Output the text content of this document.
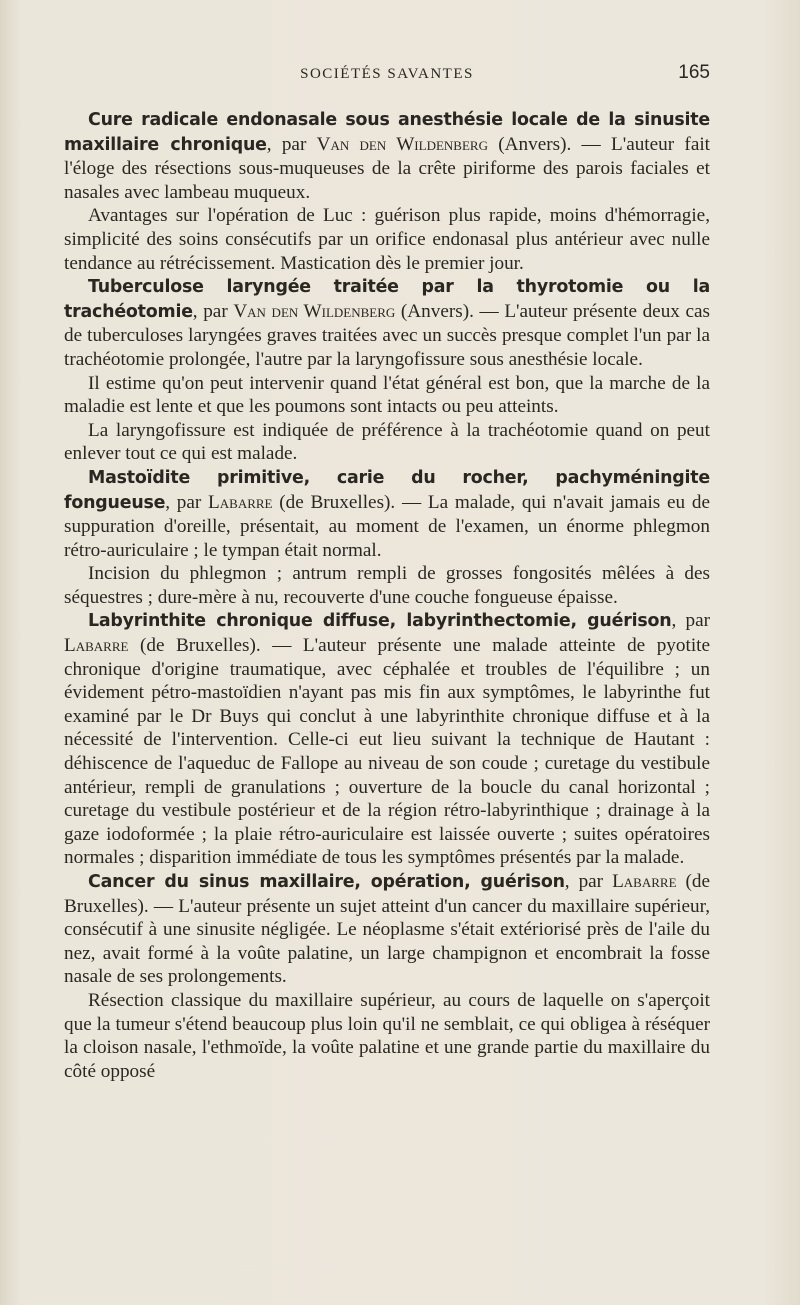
SOCIÉTÉS SAVANTES	165

Cure radicale endonasale sous anesthésie locale de la sinusite maxillaire chronique, par Van den Wildenberg (Anvers). — L'auteur fait l'éloge des résections sous-muqueuses de la crête piriforme des parois faciales et nasales avec lambeau muqueux.

Avantages sur l'opération de Luc : guérison plus rapide, moins d'hémorragie, simplicité des soins consécutifs par un orifice endonasal plus antérieur avec nulle tendance au rétrécissement. Mastication dès le premier jour.

Tuberculose laryngée traitée par la thyrotomie ou la trachéotomie, par Van den Wildenberg (Anvers). — L'auteur présente deux cas de tuberculoses laryngées graves traitées avec un succès presque complet l'un par la trachéotomie prolongée, l'autre par la laryngofissure sous anesthésie locale.

Il estime qu'on peut intervenir quand l'état général est bon, que la marche de la maladie est lente et que les poumons sont intacts ou peu atteints.

La laryngofissure est indiquée de préférence à la trachéotomie quand on peut enlever tout ce qui est malade.

Mastoïdite primitive, carie du rocher, pachyméningite fongueuse, par Labarre (de Bruxelles). — La malade, qui n'avait jamais eu de suppuration d'oreille, présentait, au moment de l'examen, un énorme phlegmon rétro-auriculaire ; le tympan était normal.

Incision du phlegmon ; antrum rempli de grosses fongosités mêlées à des séquestres ; dure-mère à nu, recouverte d'une couche fongueuse épaisse.

Labyrinthite chronique diffuse, labyrinthectomie, guérison, par Labarre (de Bruxelles). — L'auteur présente une malade atteinte de pyotite chronique d'origine traumatique, avec céphalée et troubles de l'équilibre ; un évidement pétro-mastoïdien n'ayant pas mis fin aux symptômes, le labyrinthe fut examiné par le Dr Buys qui conclut à une labyrinthite chronique diffuse et à la nécessité de l'intervention. Celle-ci eut lieu suivant la technique de Hautant : déhiscence de l'aqueduc de Fallope au niveau de son coude ; curetage du vestibule antérieur, rempli de granulations ; ouverture de la boucle du canal horizontal ; curetage du vestibule postérieur et de la région rétro-labyrinthique ; drainage à la gaze iodoformée ; la plaie rétro-auriculaire est laissée ouverte ; suites opératoires normales ; disparition immédiate de tous les symptômes présentés par la malade.

Cancer du sinus maxillaire, opération, guérison, par Labarre (de Bruxelles). — L'auteur présente un sujet atteint d'un cancer du maxillaire supérieur, consécutif à une sinusite négligée. Le néoplasme s'était extériorisé près de l'aile du nez, avait formé à la voûte palatine, un large champignon et encombrait la fosse nasale de ses prolongements.

Résection classique du maxillaire supérieur, au cours de laquelle on s'aperçoit que la tumeur s'étend beaucoup plus loin qu'il ne semblait, ce qui obligea à réséquer la cloison nasale, l'ethmoïde, la voûte palatine et une grande partie du maxillaire du côté opposé
